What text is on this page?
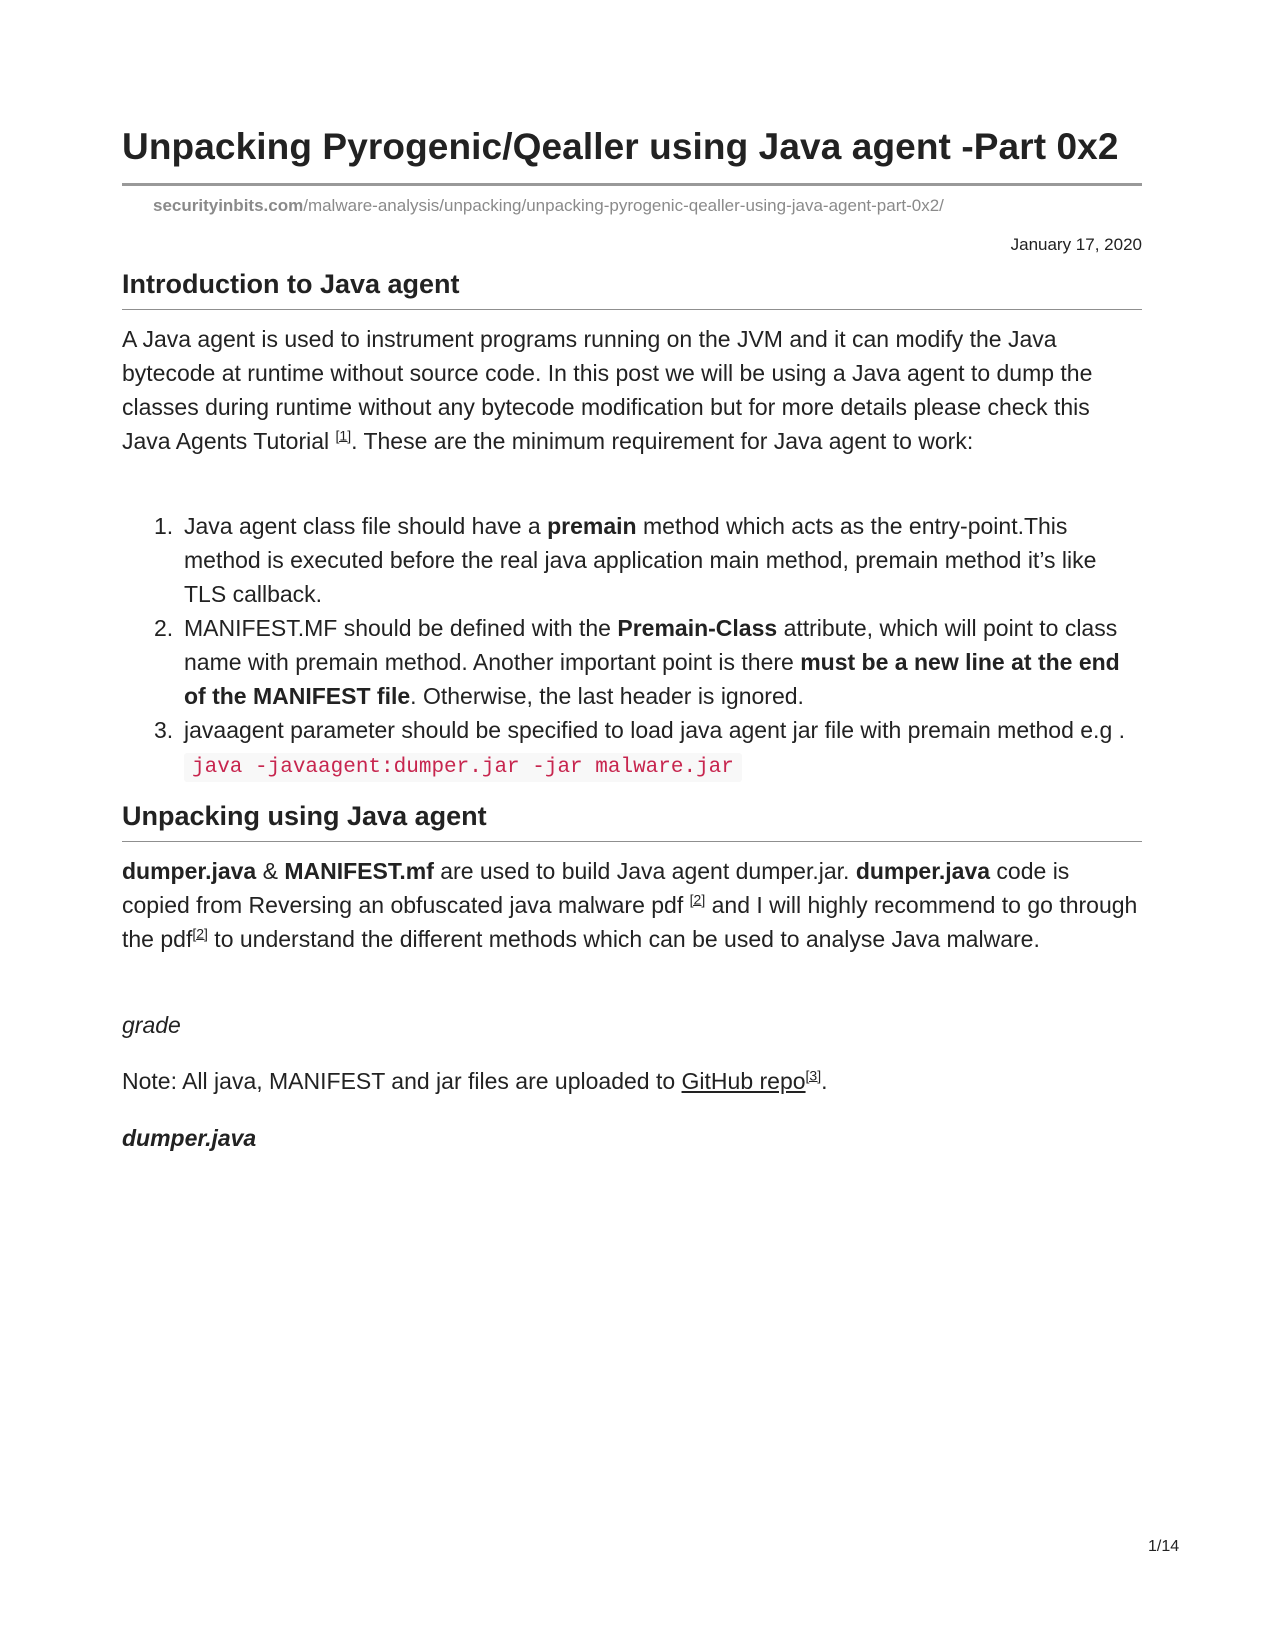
Unpacking Pyrogenic/Qealler using Java agent -Part 0x2
securityinbits.com/malware-analysis/unpacking/unpacking-pyrogenic-qealler-using-java-agent-part-0x2/
January 17, 2020
Introduction to Java agent

A Java agent is used to instrument programs running on the JVM and it can modify the Java bytecode at runtime without source code. In this post we will be using a Java agent to dump the classes during runtime without any bytecode modification but for more details please check this Java Agents Tutorial [1]. These are the minimum requirement for Java agent to work:

1. Java agent class file should have a premain method which acts as the entry-point.This method is executed before the real java application main method, premain method it’s like TLS callback.
2. MANIFEST.MF should be defined with the Premain-Class attribute, which will point to class name with premain method. Another important point is there must be a new line at the end of the MANIFEST file. Otherwise, the last header is ignored.
3. javaagent parameter should be specified to load java agent jar file with premain method e.g . java -javaagent:dumper.jar -jar malware.jar
Unpacking using Java agent

dumper.java & MANIFEST.mf are used to build Java agent dumper.jar. dumper.java code is copied from Reversing an obfuscated java malware pdf [2] and I will highly recommend to go through the pdf[2] to understand the different methods which can be used to analyse Java malware.

grade

Note: All java, MANIFEST and jar files are uploaded to GitHub repo[3].

dumper.java

1/14
